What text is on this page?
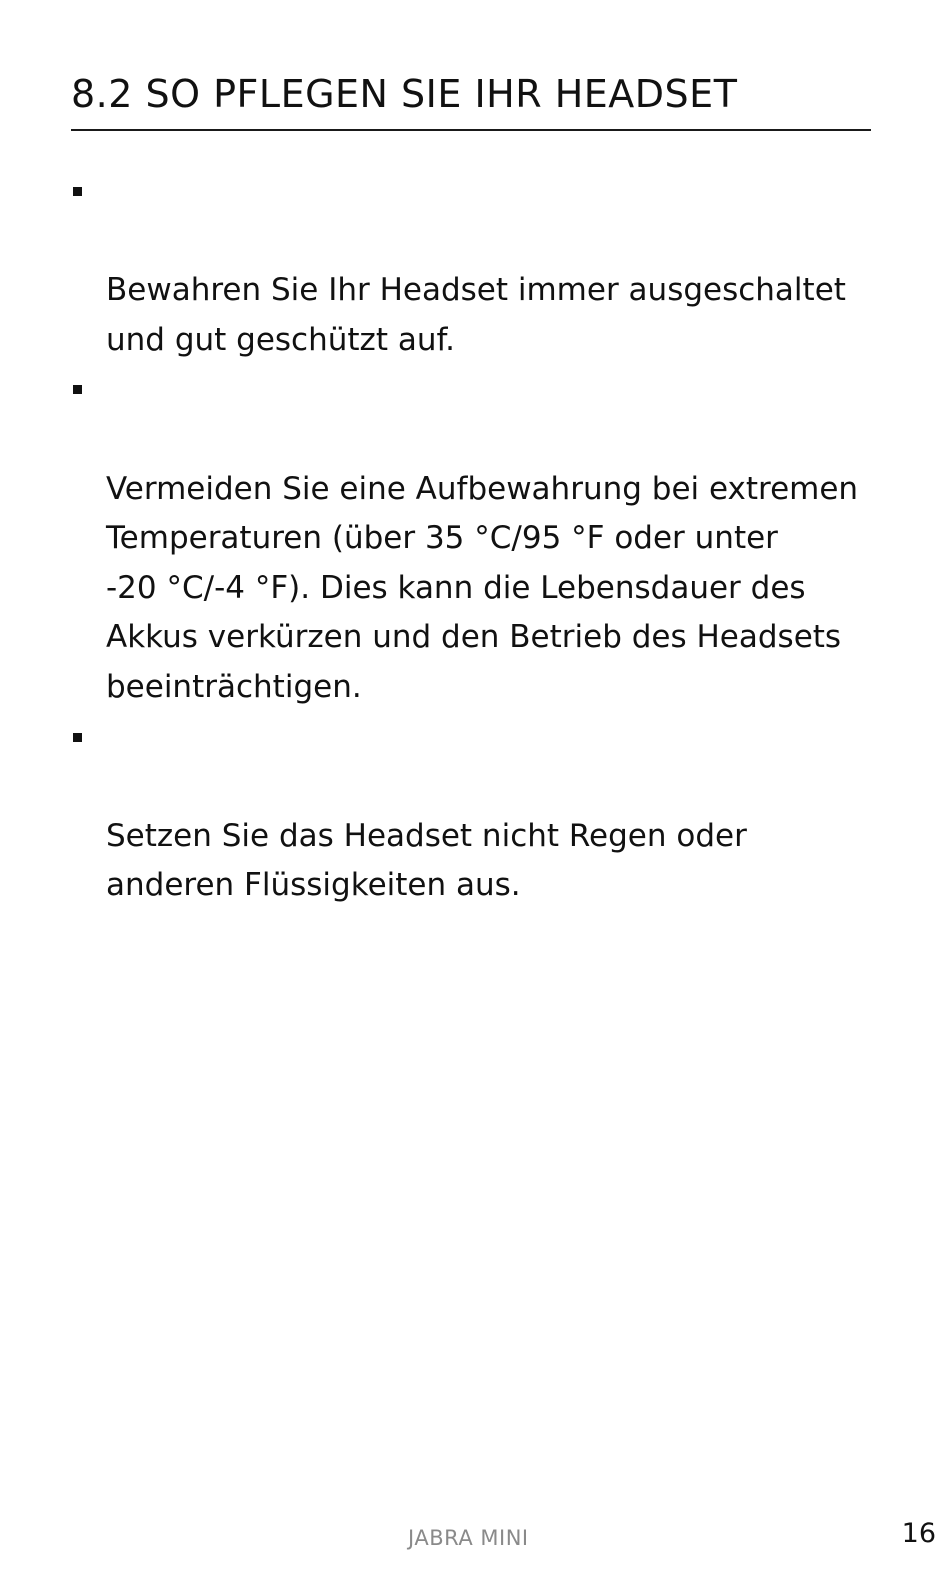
8.2 SO PFLEGEN SIE IHR HEADSET

Bewahren Sie Ihr Headset immer ausgeschaltet
und gut geschützt auf.

Vermeiden Sie eine Aufbewahrung bei extremen
Temperaturen (über 35 °C/95 °F oder unter
-20 °C/-4 °F). Dies kann die Lebensdauer des
Akkus verkürzen und den Betrieb des Headsets
beeinträchtigen.

Setzen Sie das Headset nicht Regen oder
anderen Flüssigkeiten aus.

JABRA MINI	16
